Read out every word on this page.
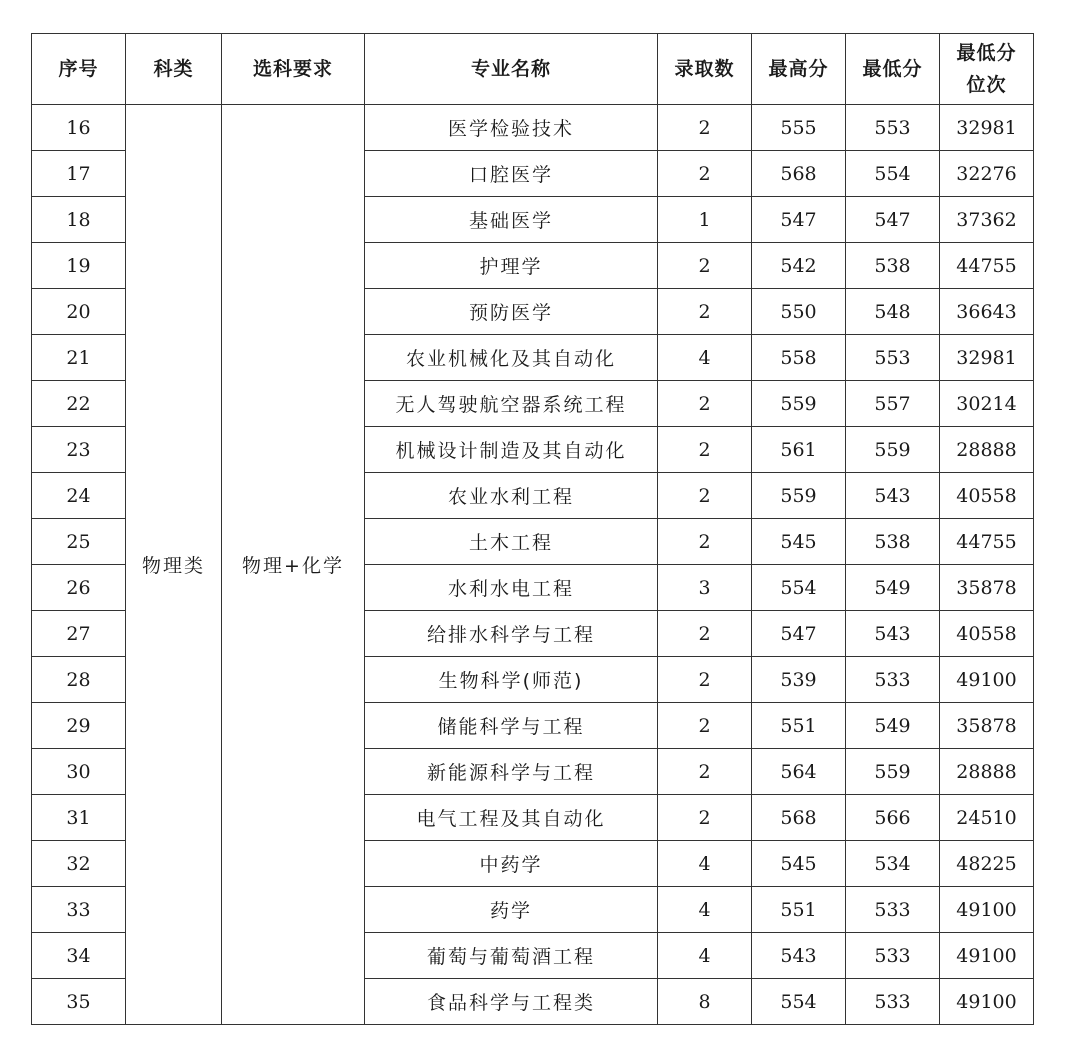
序号	科类	选科要求	专业名称	录取数	最高分	最低分	最低分
位次

16	物理类	物理+化学	医学检验技术	2	555	553	32981
17			口腔医学	2	568	554	32276
18			基础医学	1	547	547	37362
19			护理学	2	542	538	44755
20			预防医学	2	550	548	36643
21			农业机械化及其自动化	4	558	553	32981
22			无人驾驶航空器系统工程	2	559	557	30214
23			机械设计制造及其自动化	2	561	559	28888
24			农业水利工程	2	559	543	40558
25			土木工程	2	545	538	44755
26			水利水电工程	3	554	549	35878
27			给排水科学与工程	2	547	543	40558
28			生物科学(师范)	2	539	533	49100
29			储能科学与工程	2	551	549	35878
30			新能源科学与工程	2	564	559	28888
31			电气工程及其自动化	2	568	566	24510
32			中药学	4	545	534	48225
33			药学	4	551	533	49100
34			葡萄与葡萄酒工程	4	543	533	49100
35			食品科学与工程类	8	554	533	49100
